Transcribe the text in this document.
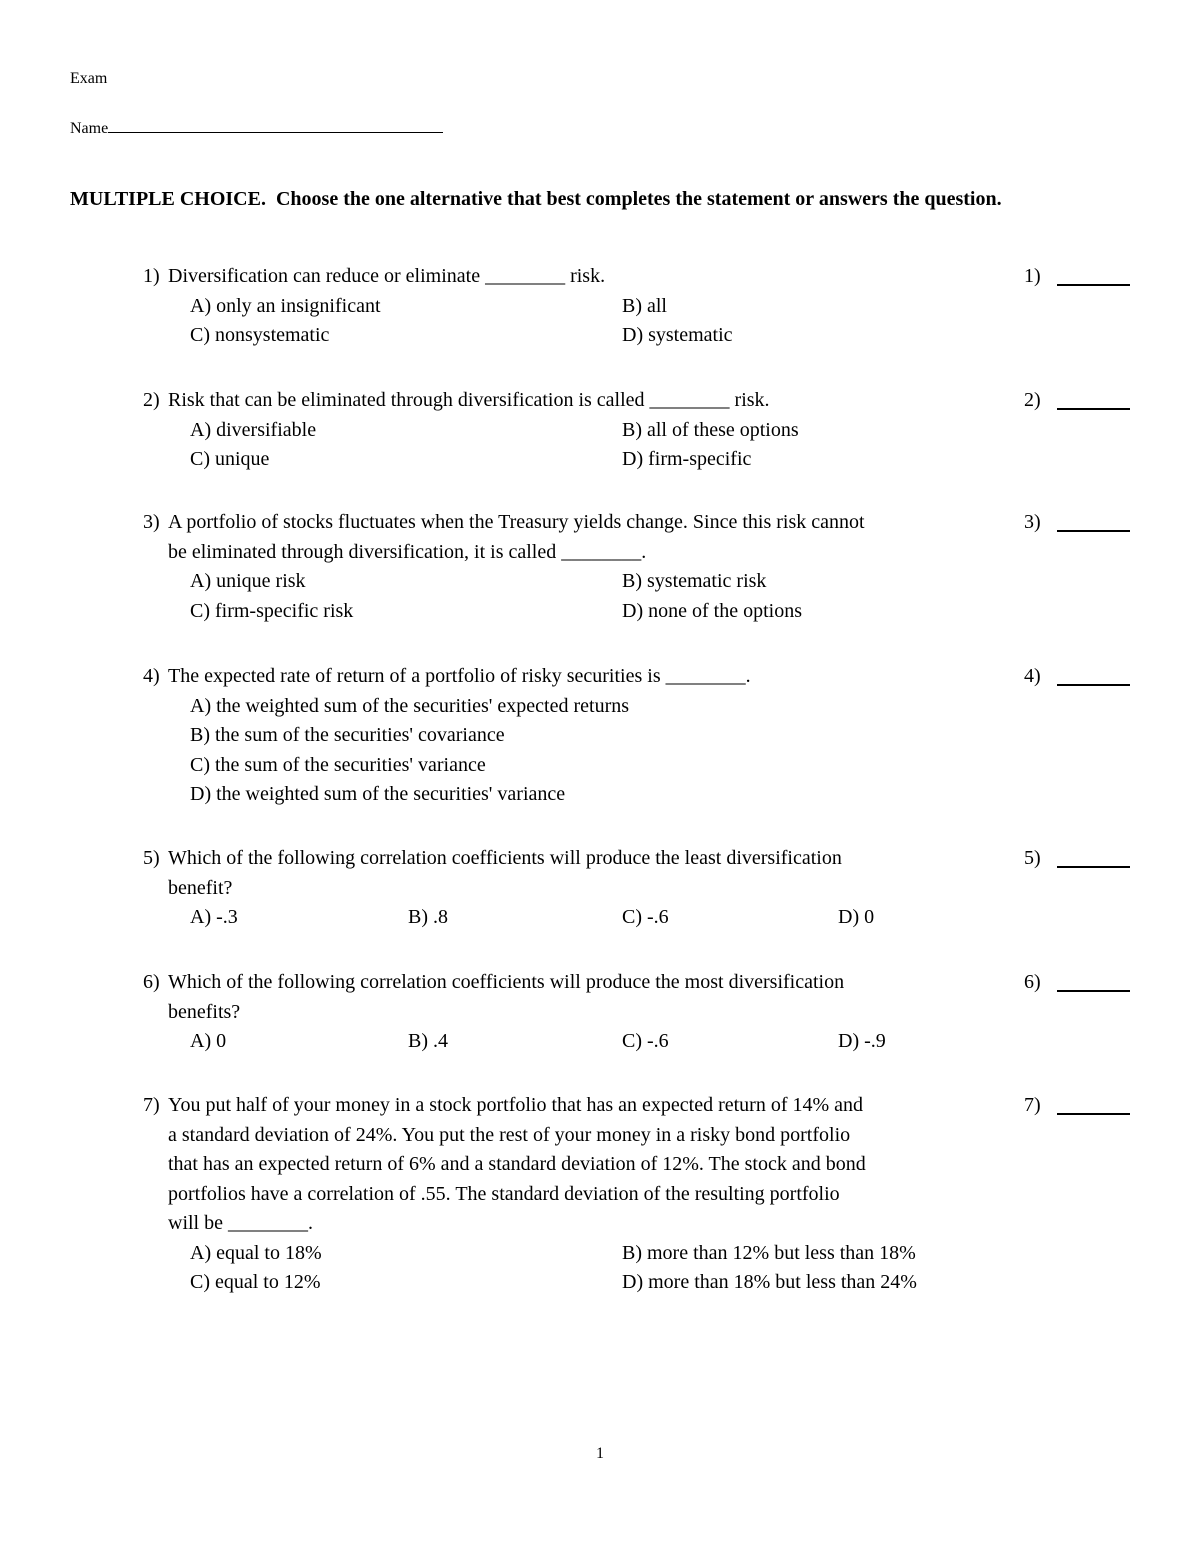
Exam
Name
MULTIPLE CHOICE. Choose the one alternative that best completes the statement or answers the question.
1) Diversification can reduce or eliminate ________ risk.	1)
A) only an insignificant	B) all
C) nonsystematic	D) systematic
2) Risk that can be eliminated through diversification is called ________ risk.	2)
A) diversifiable	B) all of these options
C) unique	D) firm-specific
3) A portfolio of stocks fluctuates when the Treasury yields change. Since this risk cannot
be eliminated through diversification, it is called ________.
3)
A) unique risk	B) systematic risk
C) firm-specific risk	D) none of the options
4) The expected rate of return of a portfolio of risky securities is ________.	4)
A) the weighted sum of the securities' expected returns
B) the sum of the securities' covariance
C) the sum of the securities' variance
D) the weighted sum of the securities' variance
5) Which of the following correlation coefficients will produce the least diversification
benefit?
5)
A) -.3	B) .8	C) -.6	D) 0
6) Which of the following correlation coefficients will produce the most diversification
benefits?
6)
A) 0	B) .4	C) -.6	D) -.9
7) You put half of your money in a stock portfolio that has an expected return of 14% and
a standard deviation of 24%. You put the rest of your money in a risky bond portfolio
that has an expected return of 6% and a standard deviation of 12%. The stock and bond
portfolios have a correlation of .55. The standard deviation of the resulting portfolio
will be ________.
7)
A) equal to 18%	B) more than 12% but less than 18%
C) equal to 12%	D) more than 18% but less than 24%
1
